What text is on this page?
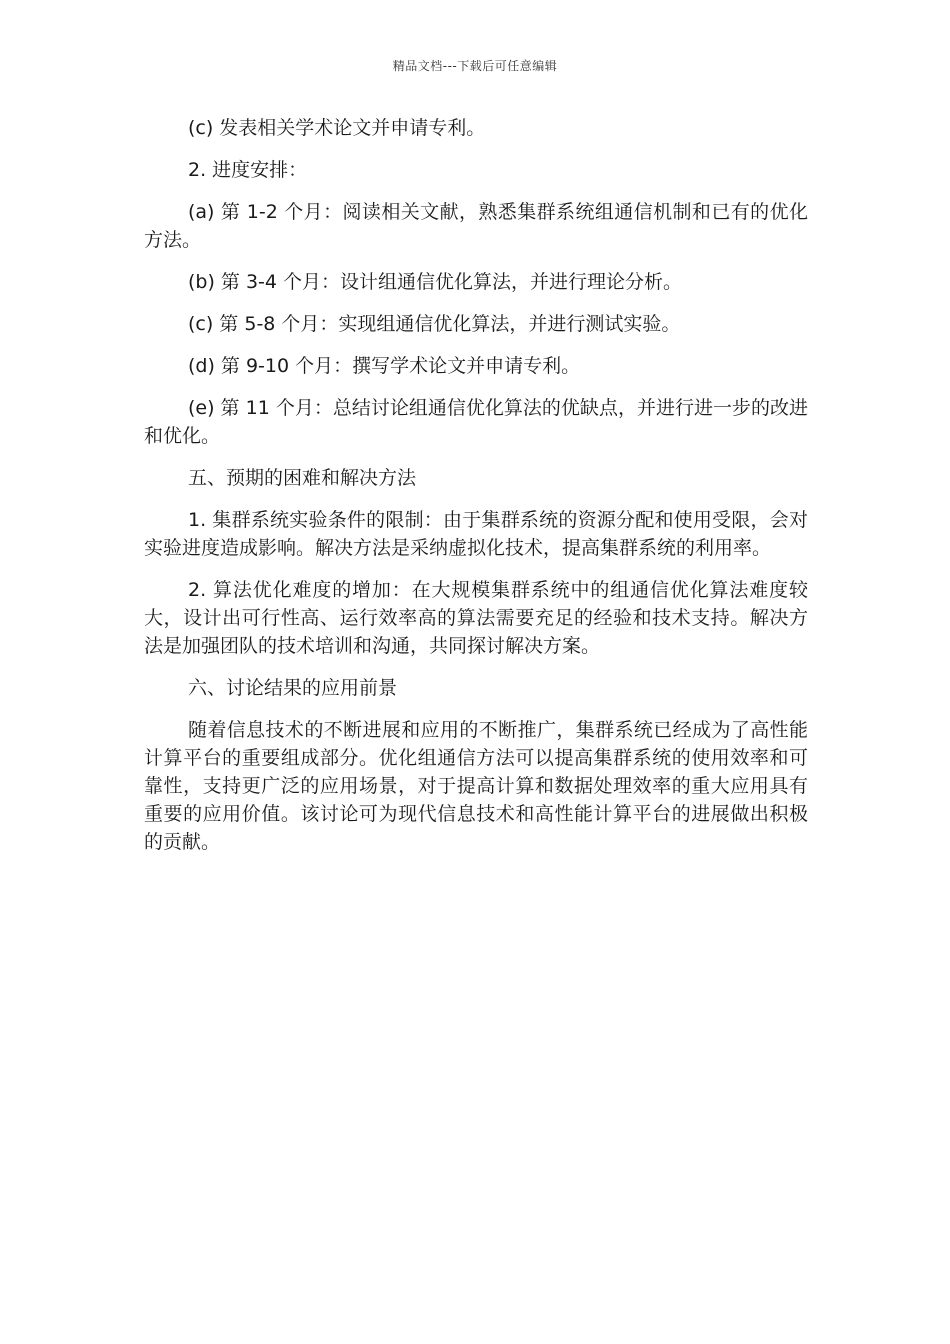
精品文档---下载后可任意编辑

(c) 发表相关学术论文并申请专利。

2. 进度安排：

(a) 第 1-2 个月：阅读相关文献，熟悉集群系统组通信机制和已有的优化方法。

(b) 第 3-4 个月：设计组通信优化算法，并进行理论分析。

(c) 第 5-8 个月：实现组通信优化算法，并进行测试实验。

(d) 第 9-10 个月：撰写学术论文并申请专利。

(e) 第 11 个月：总结讨论组通信优化算法的优缺点，并进行进一步的改进和优化。

五、预期的困难和解决方法

1. 集群系统实验条件的限制：由于集群系统的资源分配和使用受限，会对实验进度造成影响。解决方法是采纳虚拟化技术，提高集群系统的利用率。

2. 算法优化难度的增加：在大规模集群系统中的组通信优化算法难度较大，设计出可行性高、运行效率高的算法需要充足的经验和技术支持。解决方法是加强团队的技术培训和沟通，共同探讨解决方案。

六、讨论结果的应用前景

随着信息技术的不断进展和应用的不断推广，集群系统已经成为了高性能计算平台的重要组成部分。优化组通信方法可以提高集群系统的使用效率和可靠性，支持更广泛的应用场景，对于提高计算和数据处理效率的重大应用具有重要的应用价值。该讨论可为现代信息技术和高性能计算平台的进展做出积极的贡献。
